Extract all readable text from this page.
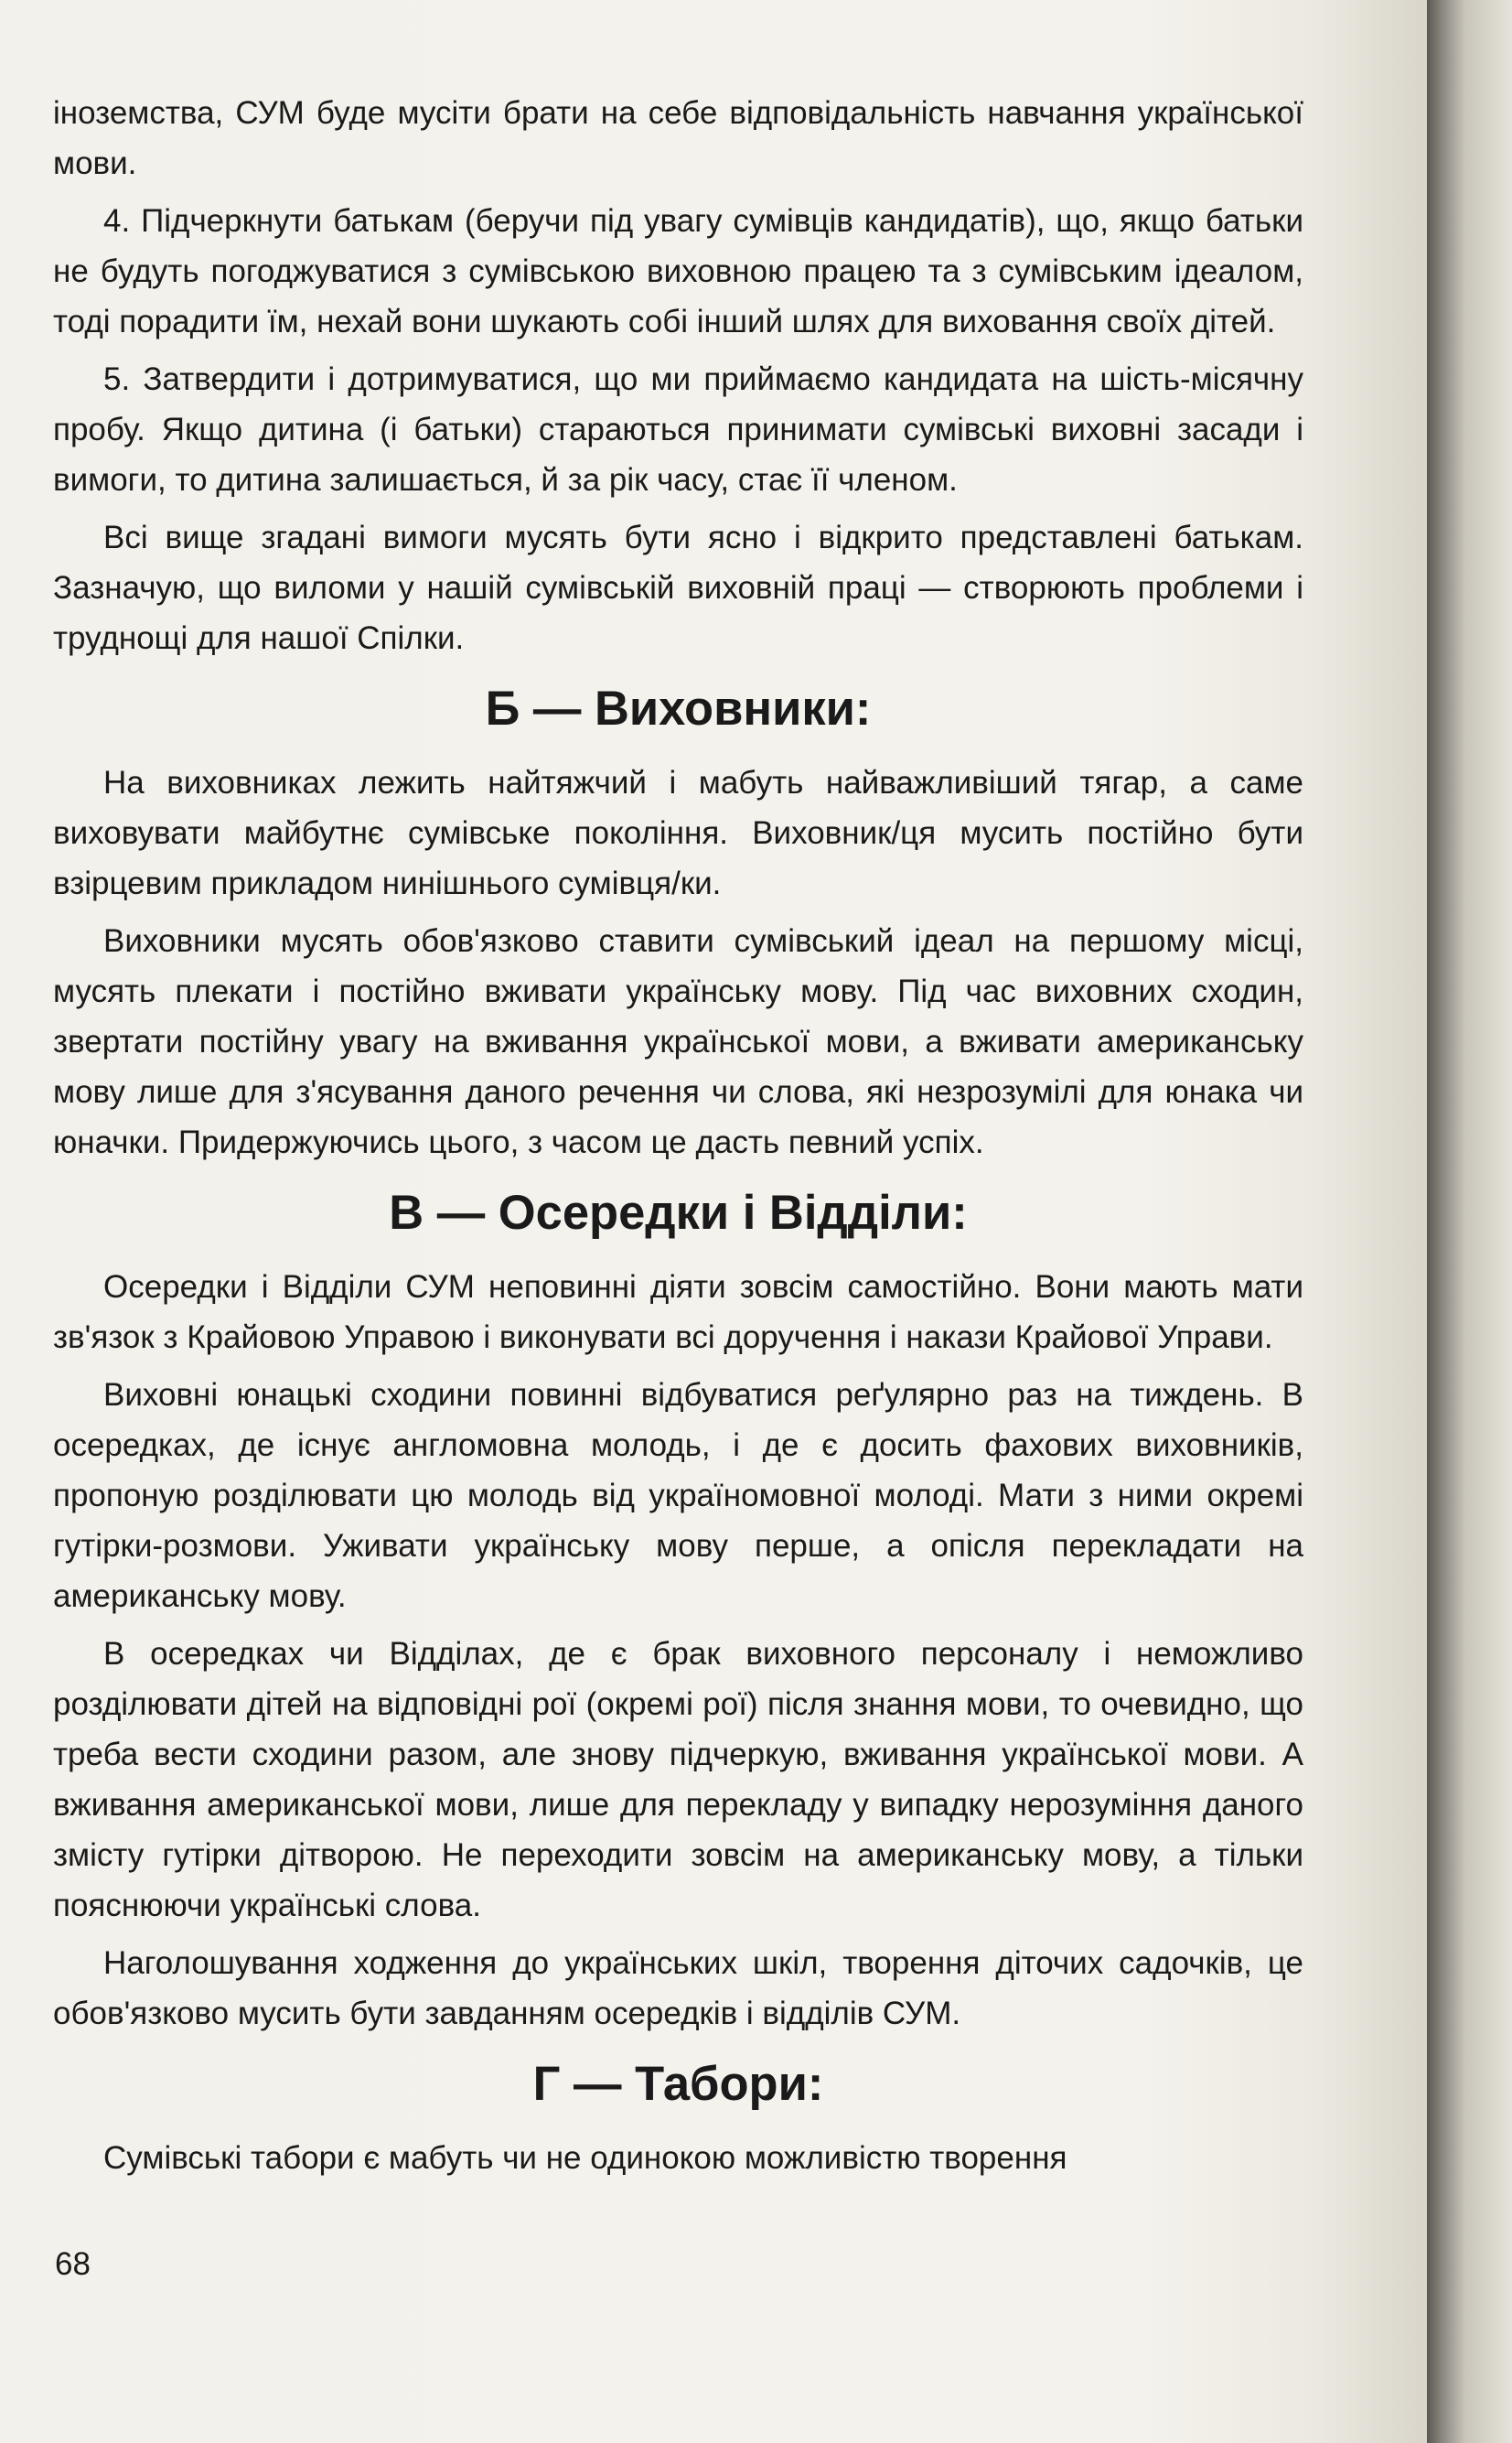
іноземства, СУМ буде мусіти брати на себе відповідальність навчання української мови.

4. Підчеркнути батькам (беручи під увагу сумівців кандидатів), що, якщо батьки не будуть погоджуватися з сумівською виховною працею та з сумівським ідеалом, тоді порадити їм, нехай вони шукають собі інший шлях для виховання своїх дітей.

5. Затвердити і дотримуватися, що ми приймаємо кандидата на шість-місячну пробу. Якщо дитина (і батьки) стараються принимати сумівські виховні засади і вимоги, то дитина залишається, й за рік часу, стає її членом.

Всі вище згадані вимоги мусять бути ясно і відкрито представлені батькам. Зазначую, що виломи у нашій сумівській виховній праці — створюють проблеми і труднощі для нашої Спілки.

Б — Виховники:

На виховниках лежить найтяжчий і мабуть найважливіший тягар, а саме виховувати майбутнє сумівське покоління. Виховник/ця мусить постійно бути взірцевим прикладом нинішнього сумівця/ки.

Виховники мусять обов'язково ставити сумівський ідеал на першому місці, мусять плекати і постійно вживати українську мову. Під час виховних сходин, звертати постійну увагу на вживання української мови, а вживати американську мову лише для з'ясування даного речення чи слова, які незрозумілі для юнака чи юначки. Придержуючись цього, з часом це дасть певний успіх.

В — Осередки і Відділи:

Осередки і Відділи СУМ неповинні діяти зовсім самостійно. Вони мають мати зв'язок з Крайовою Управою і виконувати всі доручення і накази Крайової Управи.

Виховні юнацькі сходини повинні відбуватися реґулярно раз на тиждень. В осередках, де існує англомовна молодь, і де є досить фахових виховників, пропоную розділювати цю молодь від україномовної молоді. Мати з ними окремі гутірки-розмови. Уживати українську мову перше, а опісля перекладати на американську мову.

В осередках чи Відділах, де є брак виховного персоналу і неможливо розділювати дітей на відповідні рої (окремі рої) після знання мови, то очевидно, що треба вести сходини разом, але знову підчеркую, вживання української мови. А вживання американської мови, лише для перекладу у випадку нерозуміння даного змісту гутірки дітворою. Не переходити зовсім на американську мову, а тільки пояснюючи українські слова.

Наголошування ходження до українських шкіл, творення діточих садочків, це обов'язково мусить бути завданням осередків і відділів СУМ.

Г — Табори:

Сумівські табори є мабуть чи не одинокою можливістю творення

68
